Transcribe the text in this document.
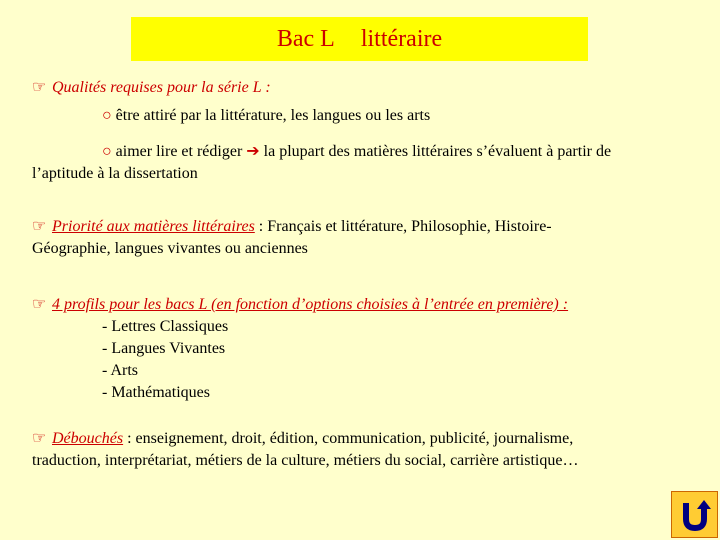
Bac L littéraire
☞ Qualités requises pour la série L :
○ être attiré par la littérature, les langues ou les arts
○ aimer lire et rédiger ➔ la plupart des matières littéraires s’évaluent à partir de
l’aptitude à la dissertation
☞ Priorité aux matières littéraires : Français et littérature, Philosophie, Histoire-
Géographie, langues vivantes ou anciennes
☞ 4 profils pour les bacs L (en fonction d’options choisies à l’entrée en première) :
- Lettres Classiques
- Langues Vivantes
- Arts
- Mathématiques
☞ Débouchés : enseignement, droit, édition, communication, publicité, journalisme,
traduction, interprétariat, métiers de la culture, métiers du social, carrière artistique…
